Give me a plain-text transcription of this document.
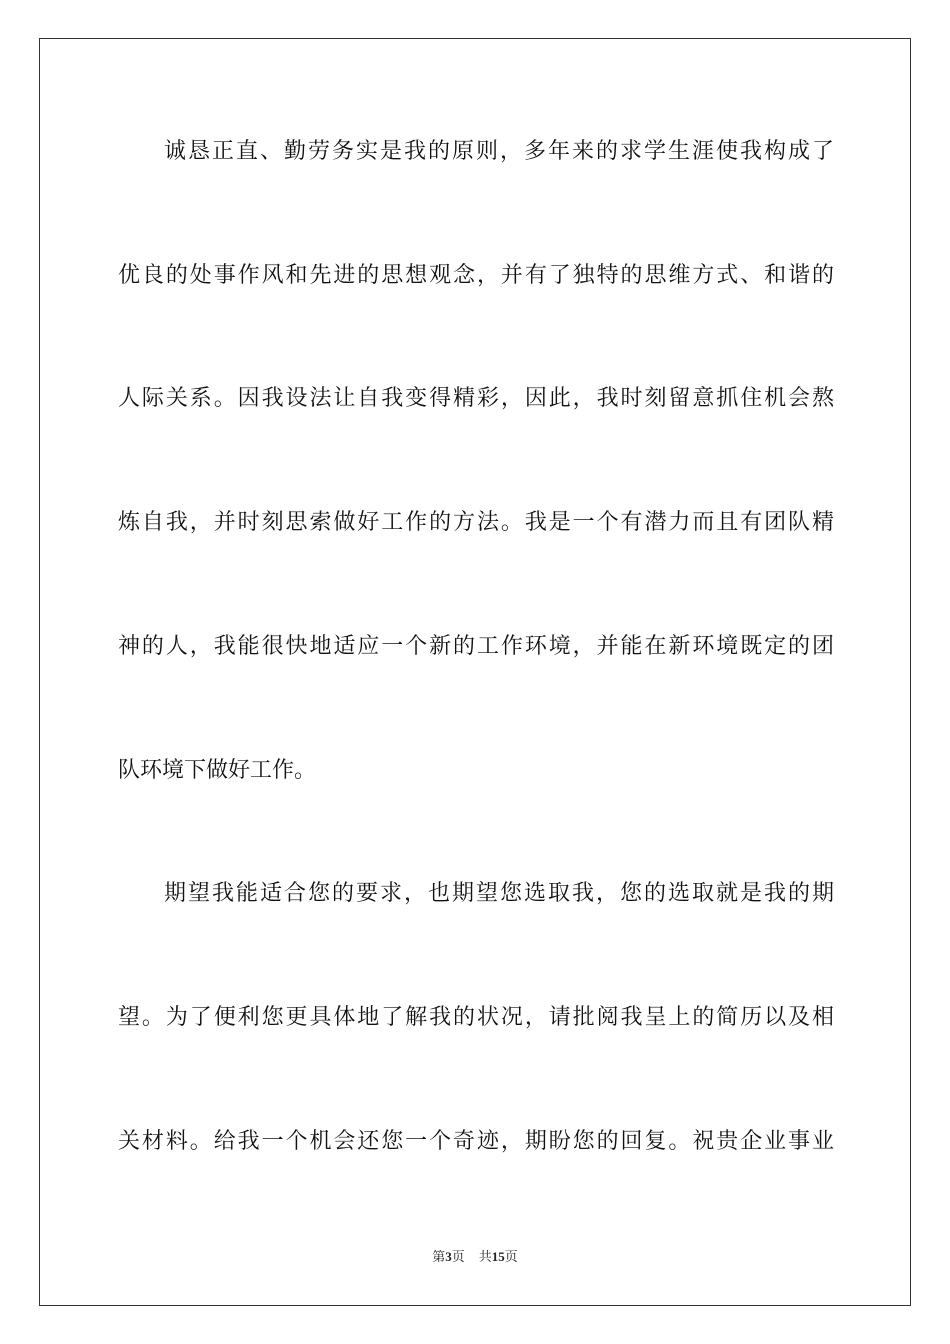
诚恳正直、勤劳务实是我的原则，多年来的求学生涯使我构成了
优良的处事作风和先进的思想观念，并有了独特的思维方式、和谐的
人际关系。因我设法让自我变得精彩，因此，我时刻留意抓住机会熬
炼自我，并时刻思索做好工作的方法。我是一个有潜力而且有团队精
神的人，我能很快地适应一个新的工作环境，并能在新环境既定的团
队环境下做好工作。
期望我能适合您的要求，也期望您选取我，您的选取就是我的期
望。为了便利您更具体地了解我的状况，请批阅我呈上的简历以及相
关材料。给我一个机会还您一个奇迹，期盼您的回复。祝贵企业事业
第3页 共15页
